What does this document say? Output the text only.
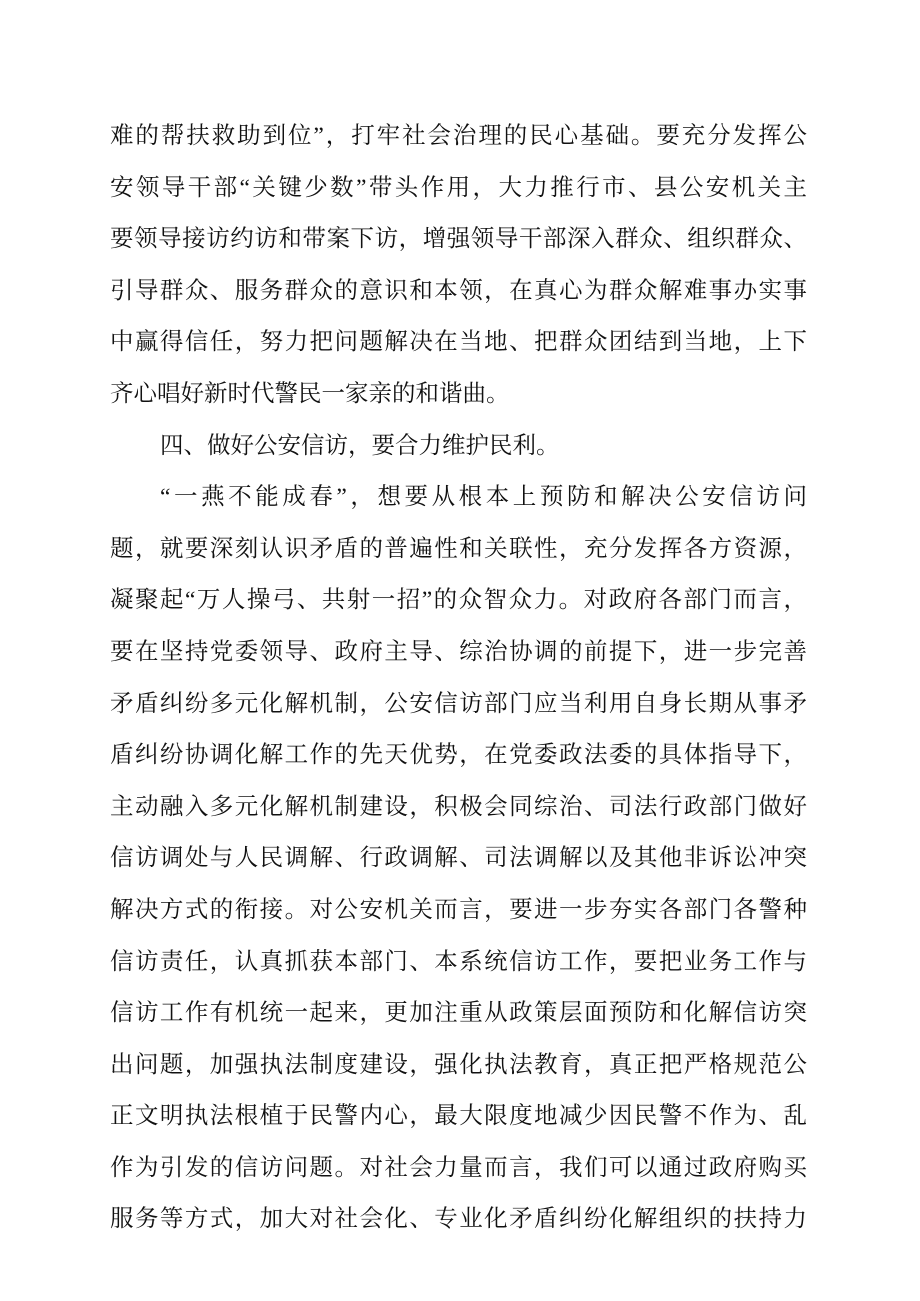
难的帮扶救助到位”，打牢社会治理的民心基础。要充分发挥公
安领导干部“关键少数”带头作用，大力推行市、县公安机关主
要领导接访约访和带案下访，增强领导干部深入群众、组织群众、
引导群众、服务群众的意识和本领，在真心为群众解难事办实事
中赢得信任，努力把问题解决在当地、把群众团结到当地，上下
齐心唱好新时代警民一家亲的和谐曲。
四、做好公安信访，要合力维护民利。
“一燕不能成春”，想要从根本上预防和解决公安信访问
题，就要深刻认识矛盾的普遍性和关联性，充分发挥各方资源，
凝聚起“万人操弓、共射一招”的众智众力。对政府各部门而言，
要在坚持党委领导、政府主导、综治协调的前提下，进一步完善
矛盾纠纷多元化解机制，公安信访部门应当利用自身长期从事矛
盾纠纷协调化解工作的先天优势，在党委政法委的具体指导下，
主动融入多元化解机制建设，积极会同综治、司法行政部门做好
信访调处与人民调解、行政调解、司法调解以及其他非诉讼冲突
解决方式的衔接。对公安机关而言，要进一步夯实各部门各警种
信访责任，认真抓获本部门、本系统信访工作，要把业务工作与
信访工作有机统一起来，更加注重从政策层面预防和化解信访突
出问题，加强执法制度建设，强化执法教育，真正把严格规范公
正文明执法根植于民警内心，最大限度地减少因民警不作为、乱
作为引发的信访问题。对社会力量而言，我们可以通过政府购买
服务等方式，加大对社会化、专业化矛盾纠纷化解组织的扶持力
